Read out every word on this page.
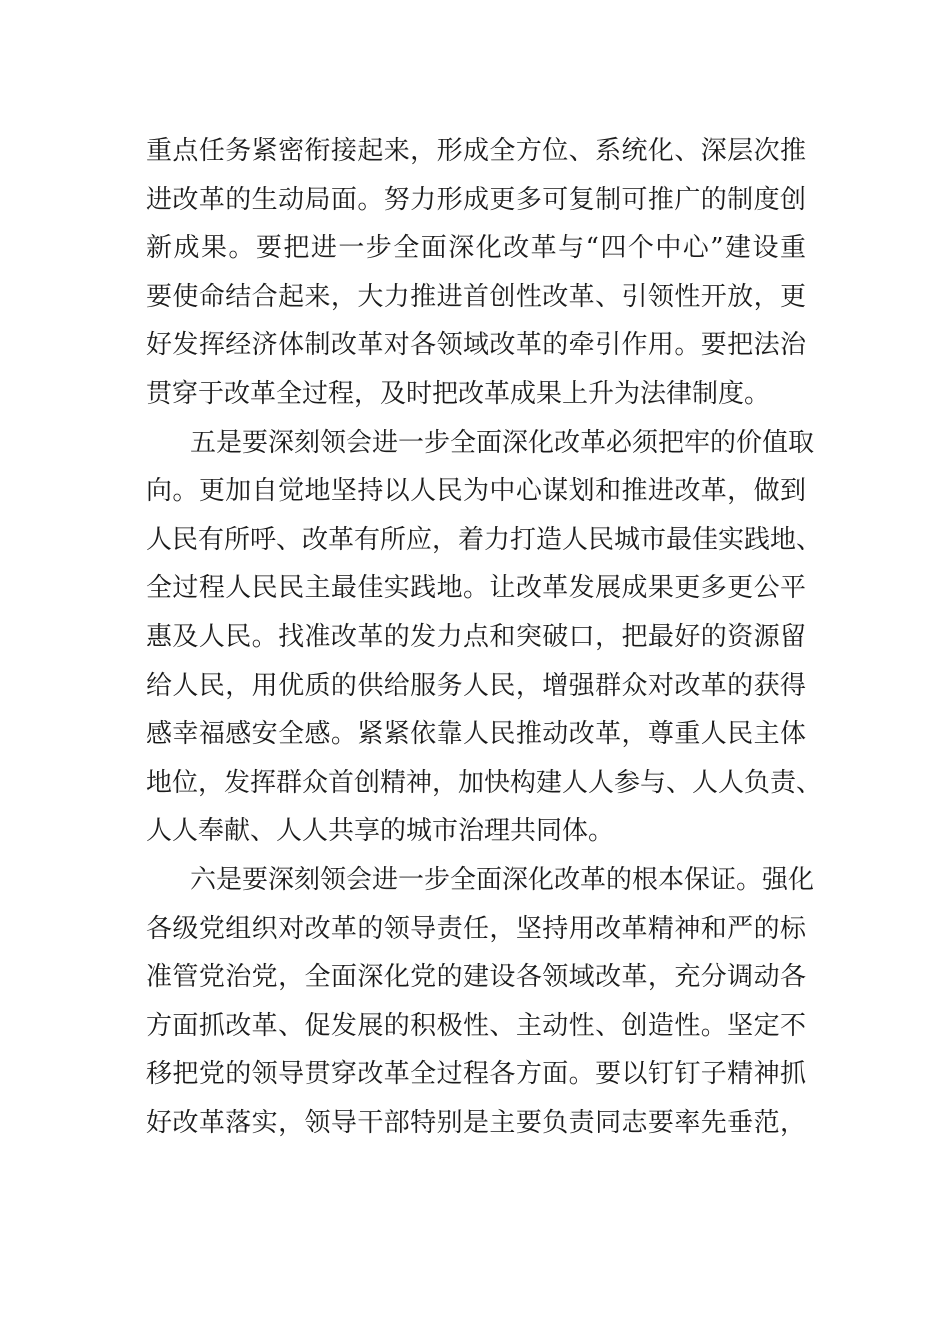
重点任务紧密衔接起来，形成全方位、系统化、深层次推
进改革的生动局面。努力形成更多可复制可推广的制度创
新成果。要把进一步全面深化改革与“四个中心”建设重
要使命结合起来，大力推进首创性改革、引领性开放，更
好发挥经济体制改革对各领域改革的牵引作用。要把法治
贯穿于改革全过程，及时把改革成果上升为法律制度。
五是要深刻领会进一步全面深化改革必须把牢的价值取
向。更加自觉地坚持以人民为中心谋划和推进改革，做到
人民有所呼、改革有所应，着力打造人民城市最佳实践地、
全过程人民民主最佳实践地。让改革发展成果更多更公平
惠及人民。找准改革的发力点和突破口，把最好的资源留
给人民，用优质的供给服务人民，增强群众对改革的获得
感幸福感安全感。紧紧依靠人民推动改革，尊重人民主体
地位，发挥群众首创精神，加快构建人人参与、人人负责、
人人奉献、人人共享的城市治理共同体。
六是要深刻领会进一步全面深化改革的根本保证。强化
各级党组织对改革的领导责任，坚持用改革精神和严的标
准管党治党，全面深化党的建设各领域改革，充分调动各
方面抓改革、促发展的积极性、主动性、创造性。坚定不
移把党的领导贯穿改革全过程各方面。要以钉钉子精神抓
好改革落实，领导干部特别是主要负责同志要率先垂范，
